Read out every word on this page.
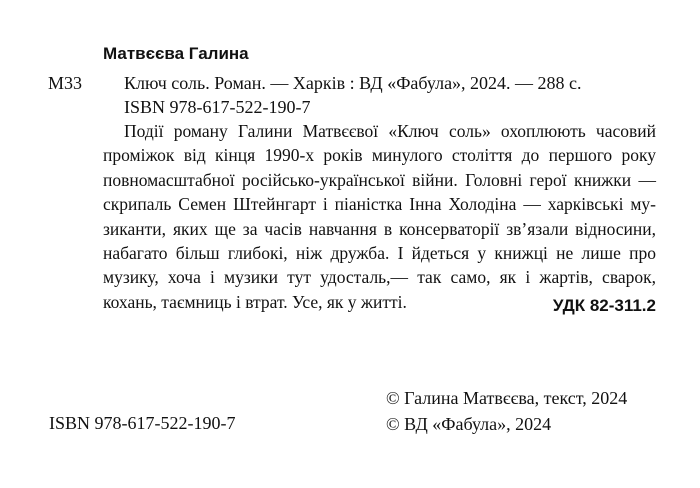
Матвєєва Галина
М33 Ключ соль. Роман. — Харків : ВД «Фабула», 2024. — 288 с.
ISBN 978-617-522-190-7
Події роману Галини Матвєєвої «Ключ соль» охоплюють часовий
проміжок від кінця 1990-х років минулого століття до першого року
повномасштабної російсько-української війни. Головні герої книжки —
скрипаль Семен Штейнгарт і піаністка Інна Холодіна — харківські му-
зиканти, яких ще за часів навчання в консерваторії зв’язали відносини,
набагато більш глибокі, ніж дружба. І йдеться у книжці не лише про
музику, хоча і музики тут удосталь,— так само, як і жартів, сварок,
кохань, таємниць і втрат. Усе, як у житті.	УДК 82-311.2
ISBN 978-617-522-190-7
© Галина Матвєєва, текст, 2024
© ВД «Фабула», 2024
